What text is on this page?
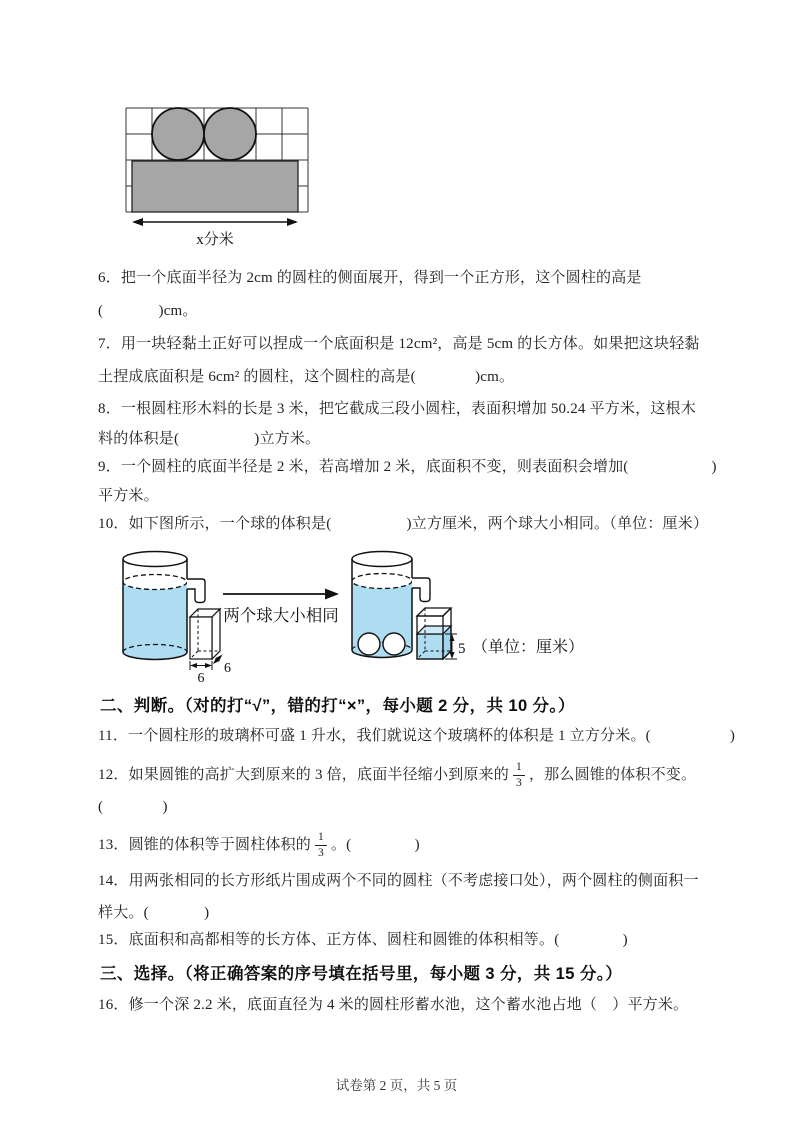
x分米
6．把一个底面半径为 2cm 的圆柱的侧面展开，得到一个正方形，这个圆柱的高是
(              )cm。
7．用一块轻黏土正好可以捏成一个底面积是 12cm²，高是 5cm 的长方体。如果把这块轻黏
土捏成底面积是 6cm² 的圆柱，这个圆柱的高是(               )cm。
8．一根圆柱形木料的长是 3 米，把它截成三段小圆柱，表面积增加 50.24 平方米，这根木
料的体积是(                   )立方米。
9．一个圆柱的底面半径是 2 米，若高增加 2 米，底面积不变，则表面积会增加(                     )
平方米。
10．如下图所示，一个球的体积是(                   )立方厘米，两个球大小相同。（单位：厘米）
6
6
两个球大小相同
5 （单位：厘米）
二、判断。（对的打“√”，错的打“×”，每小题 2 分，共 10 分。）
11．一个圆柱形的玻璃杯可盛 1 升水，我们就说这个玻璃杯的体积是 1 立方分米。(                    )
12．如果圆锥的高扩大到原来的 3 倍，底面半径缩小到原来的 $\frac{1}{3}$ ，那么圆锥的体积不变。
(               )
13．圆锥的体积等于圆柱体积的 $\frac{1}{3}$ 。(                )
14．用两张相同的长方形纸片围成两个不同的圆柱（不考虑接口处），两个圆柱的侧面积一
样大。(              )
15．底面积和高都相等的长方体、正方体、圆柱和圆锥的体积相等。(                )
三、选择。（将正确答案的序号填在括号里，每小题 3 分，共 15 分。）
16．修一个深 2.2 米，底面直径为 4 米的圆柱形蓄水池，这个蓄水池占地（　）平方米。
试卷第 2 页，共 5 页
